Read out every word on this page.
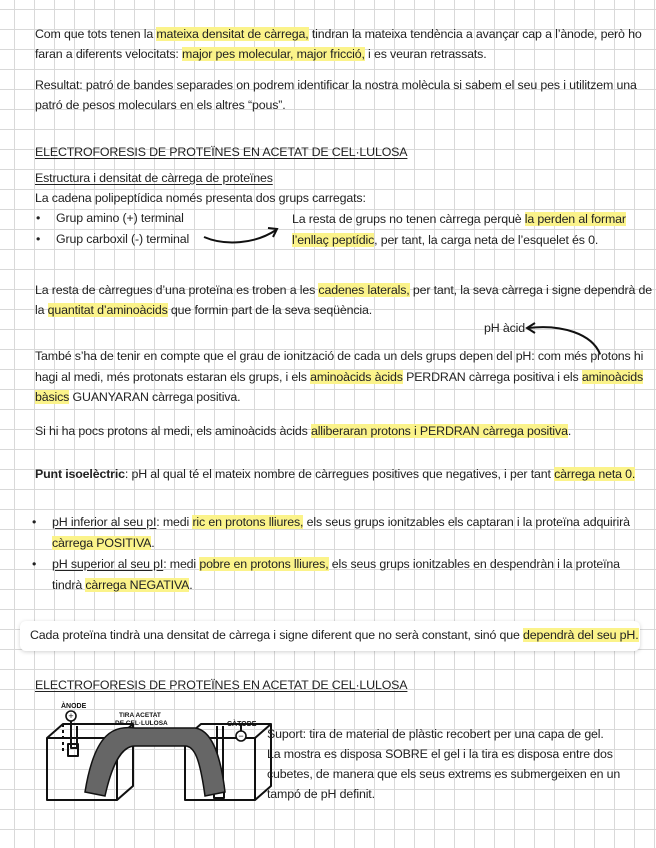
Com que tots tenen la mateixa densitat de càrrega, tindran la mateixa tendència a avançar cap a l’ànode, però ho
faran a diferents velocitats: major pes molecular, major fricció, i es veuran retrassats.
Resultat: patró de bandes separades on podrem identificar la nostra molècula si sabem el seu pes i utilitzem una
patró de pesos moleculars en els altres “pous”.
ELECTROFORESIS DE PROTEÏNES EN ACETAT DE CEL·LULOSA
Estructura i densitat de càrrega de proteïnes
La cadena polipeptídica només presenta dos grups carregats:
• Grup amino (+) terminal
• Grup carboxil (-) terminal
La resta de grups no tenen càrrega perquè la perden al formar
l’enllaç peptídic, per tant, la carga neta de l’esquelet és 0.
La resta de càrregues d’una proteïna es troben a les cadenes laterals, per tant, la seva càrrega i signe dependrà de
la quantitat d’aminoàcids que formin part de la seva seqüència.
pH àcid
També s’ha de tenir en compte que el grau de ionització de cada un dels grups depen del pH: com més protons hi
hagi al medi, més protonats estaran els grups, i els aminoàcids àcids PERDRAN càrrega positiva i els aminoàcids
bàsics GUANYARAN càrrega positiva.
Si hi ha pocs protons al medi, els aminoàcids àcids alliberaran protons i PERDRAN càrrega positiva.
Punt isoelèctric: pH al qual té el mateix nombre de càrregues positives que negatives, i per tant càrrega neta 0.
• pH inferior al seu pI: medi ric en protons lliures, els seus grups ionitzables els captaran i la proteïna adquirirà
càrrega POSITIVA.
• pH superior al seu pI: medi pobre en protons lliures, els seus grups ionitzables en despendràn i la proteïna
tindrà càrrega NEGATIVA.
Cada proteïna tindrà una densitat de càrrega i signe diferent que no serà constant, sinó que dependrà del seu pH.
ELECTROFORESIS DE PROTEÏNES EN ACETAT DE CEL·LULOSA
+
−
ÀNODE
TIRA ACETAT
DE CEL·LULOSA	CÀTODE
Suport: tira de material de plàstic recobert per una capa de gel.
La mostra es disposa SOBRE el gel i la tira es disposa entre dos
cubetes, de manera que els seus extrems es submergeixen en un
tampó de pH definit.
